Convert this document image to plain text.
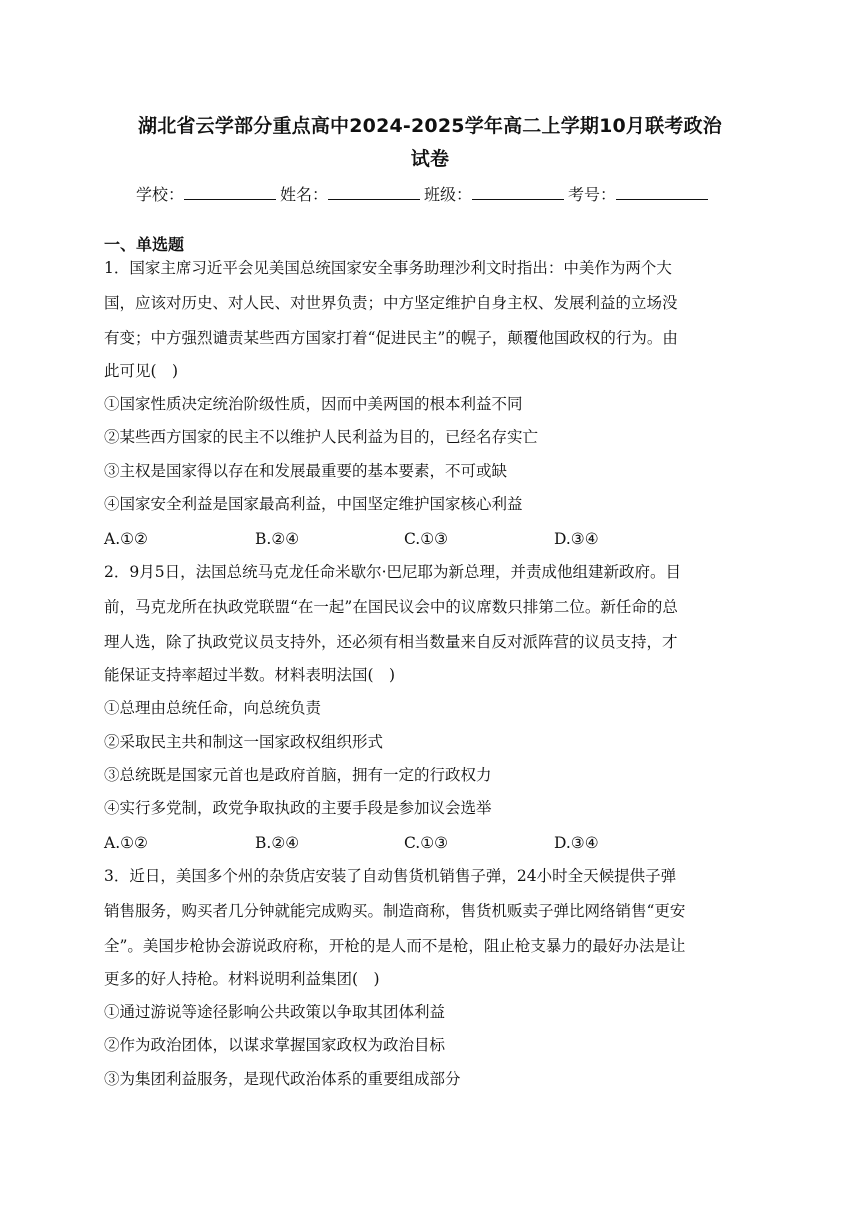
湖北省云学部分重点高中2024-2025学年高二上学期10月联考政治
试卷
学校：	姓名：	班级：	考号：
一、单选题
1．国家主席习近平会见美国总统国家安全事务助理沙利文时指出：中美作为两个大
国，应该对历史、对人民、对世界负责；中方坚定维护自身主权、发展利益的立场没
有变；中方强烈谴责某些西方国家打着“促进民主”的幌子，颠覆他国政权的行为。由
此可见(　)
①国家性质决定统治阶级性质，因而中美两国的根本利益不同
②某些西方国家的民主不以维护人民利益为目的，已经名存实亡
③主权是国家得以存在和发展最重要的基本要素，不可或缺
④国家安全利益是国家最高利益，中国坚定维护国家核心利益
A.①②	B.②④	C.①③	D.③④
2．9月5日，法国总统马克龙任命米歇尔·巴尼耶为新总理，并责成他组建新政府。目
前，马克龙所在执政党联盟“在一起”在国民议会中的议席数只排第二位。新任命的总
理人选，除了执政党议员支持外，还必须有相当数量来自反对派阵营的议员支持，才
能保证支持率超过半数。材料表明法国(　)
①总理由总统任命，向总统负责
②采取民主共和制这一国家政权组织形式
③总统既是国家元首也是政府首脑，拥有一定的行政权力
④实行多党制，政党争取执政的主要手段是参加议会选举
A.①②	B.②④	C.①③	D.③④
3．近日，美国多个州的杂货店安装了自动售货机销售子弹，24小时全天候提供子弹
销售服务，购买者几分钟就能完成购买。制造商称，售货机贩卖子弹比网络销售“更安
全”。美国步枪协会游说政府称，开枪的是人而不是枪，阻止枪支暴力的最好办法是让
更多的好人持枪。材料说明利益集团(　)
①通过游说等途径影响公共政策以争取其团体利益
②作为政治团体，以谋求掌握国家政权为政治目标
③为集团利益服务，是现代政治体系的重要组成部分
